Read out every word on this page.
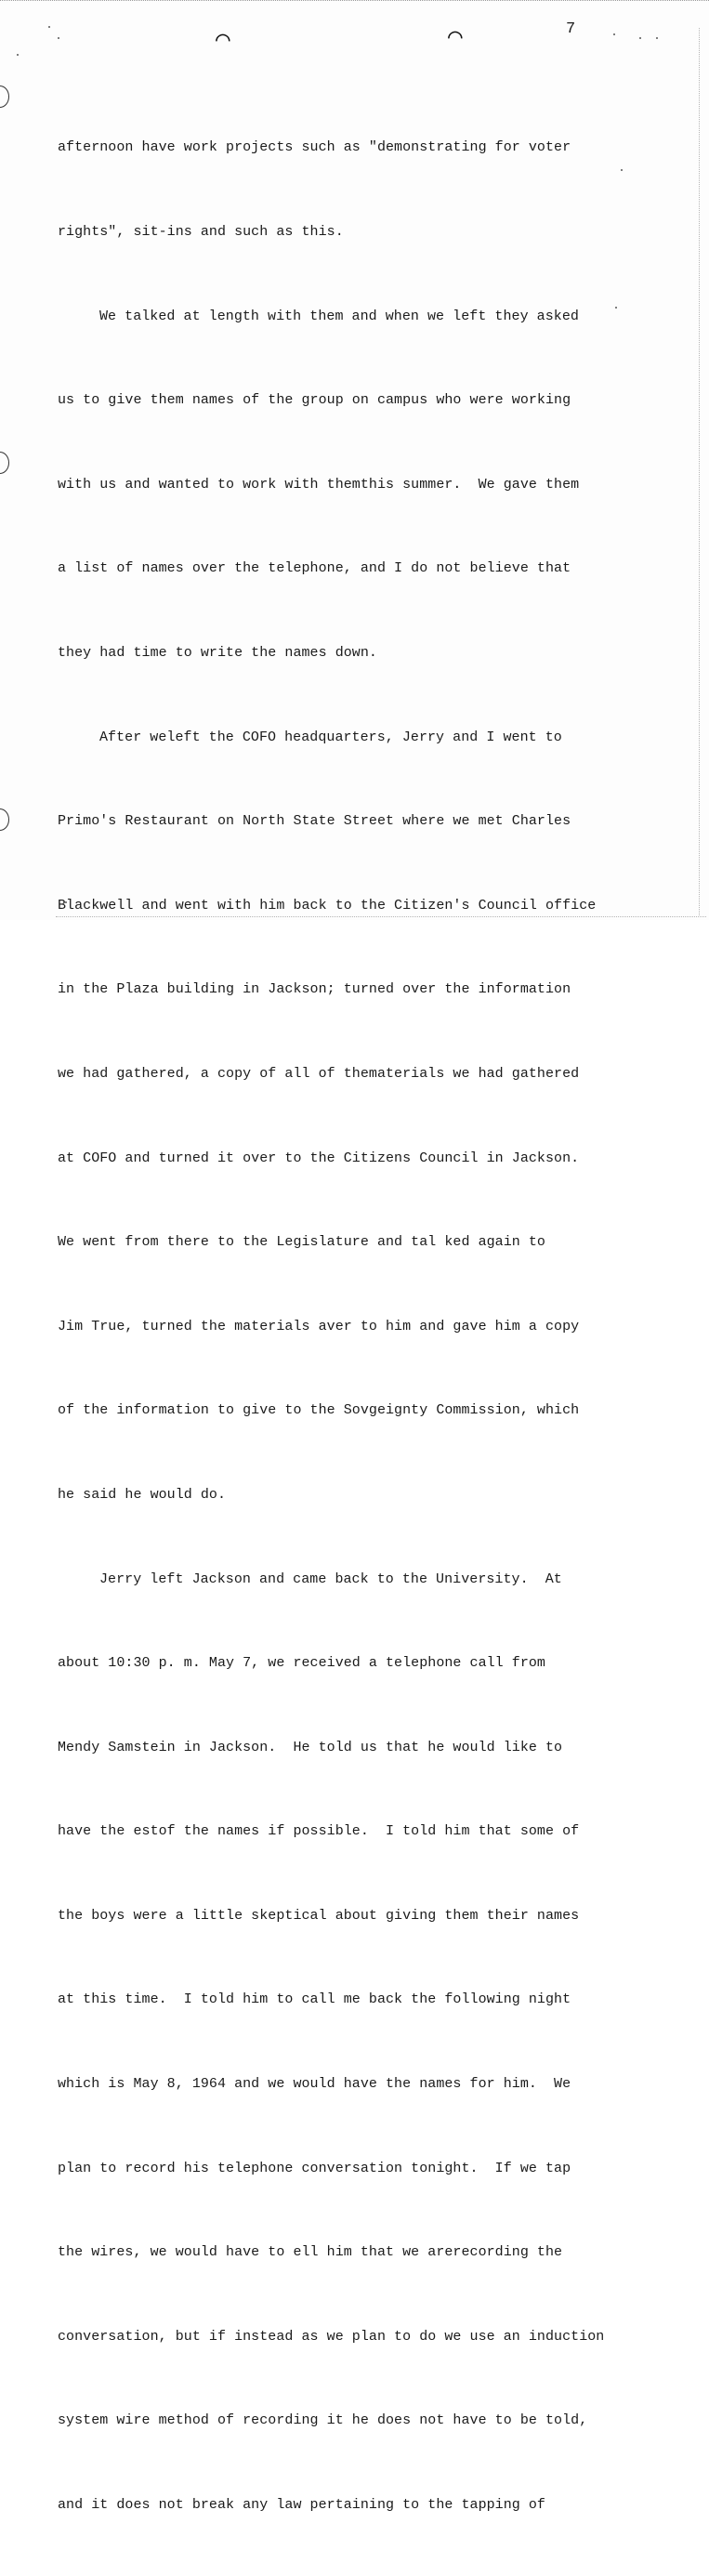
⌒	⌒	7

afternoon have work projects such as "demonstrating for voter

rights", sit-ins and such as this.

We talked at length with them and when we left they asked

us to give them names of the group on campus who were working

with us and wanted to work with themthis summer.  We gave them

a list of names over the telephone, and I do not believe that

they had time to write the names down.

After weleft the COFO headquarters, Jerry and I went to

Primo's Restaurant on North State Street where we met Charles

Blackwell and went with him back to the Citizen's Council office

in the Plaza building in Jackson; turned over the information

we had gathered, a copy of all of thematerials we had gathered

at COFO and turned it over to the Citizens Council in Jackson.

We went from there to the Legislature and tal ked again to

Jim True, turned the materials aver to him and gave him a copy

of the information to give to the Sovgeignty Commission, which

he said he would do.

Jerry left Jackson and came back to the University.  At

about 10:30 p. m. May 7, we received a telephone call from

Mendy Samstein in Jackson.  He told us that he would like to

have the estof the names if possible.  I told him that some of

the boys were a little skeptical about giving them their names

at this time.  I told him to call me back the following night

which is May 8, 1964 and we would have the names for him.  We

plan to record his telephone conversation tonight.  If we tap

the wires, we would have to ell him that we arerecording the

conversation, but if instead as we plan to do we use an induction

system wire method of recording it he does not have to be told,

and it does not break any law pertaining to the tapping of
